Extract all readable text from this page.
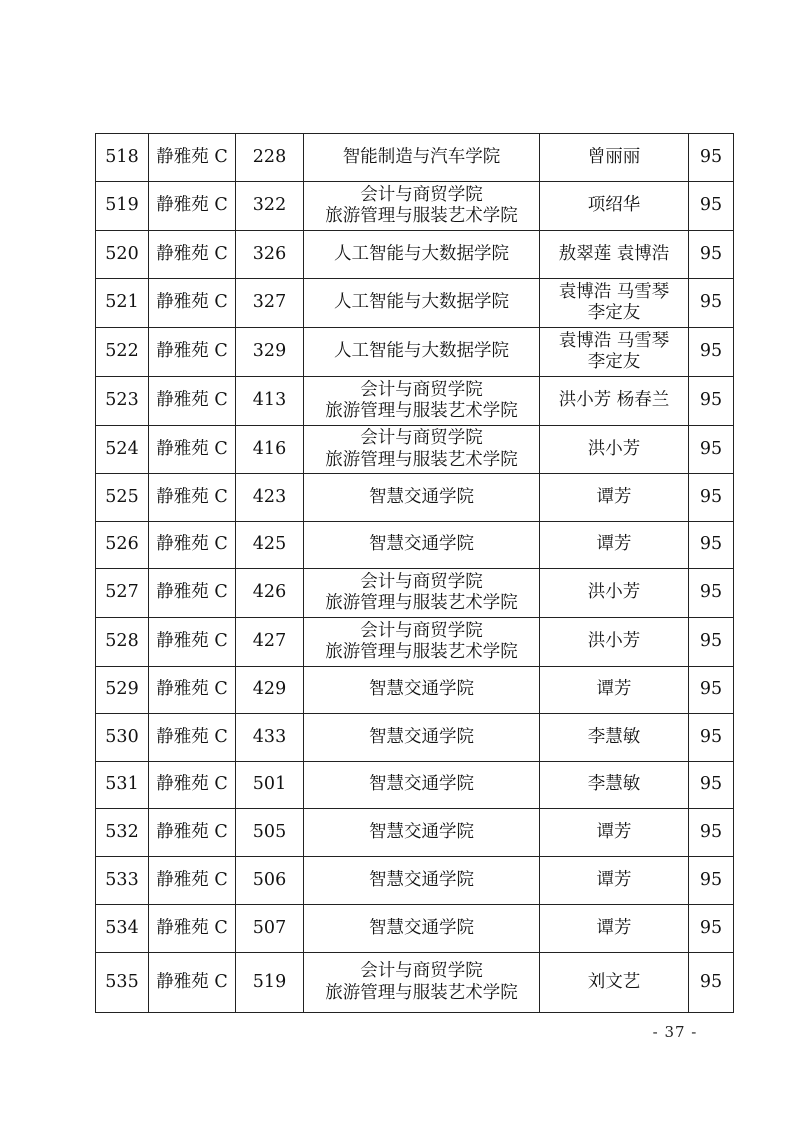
518	静雅苑 C	228	智能制造与汽车学院	曾丽丽	95
519	静雅苑 C	322	会计与商贸学院
旅游管理与服装艺术学院	项绍华	95
520	静雅苑 C	326	人工智能与大数据学院	敖翠莲 袁博浩	95
521	静雅苑 C	327	人工智能与大数据学院	袁博浩 马雪琴
李定友	95
522	静雅苑 C	329	人工智能与大数据学院	袁博浩 马雪琴
李定友	95
523	静雅苑 C	413	会计与商贸学院
旅游管理与服装艺术学院	洪小芳 杨春兰	95
524	静雅苑 C	416	会计与商贸学院
旅游管理与服装艺术学院	洪小芳	95
525	静雅苑 C	423	智慧交通学院	谭芳	95
526	静雅苑 C	425	智慧交通学院	谭芳	95
527	静雅苑 C	426	会计与商贸学院
旅游管理与服装艺术学院	洪小芳	95
528	静雅苑 C	427	会计与商贸学院
旅游管理与服装艺术学院	洪小芳	95
529	静雅苑 C	429	智慧交通学院	谭芳	95
530	静雅苑 C	433	智慧交通学院	李慧敏	95
531	静雅苑 C	501	智慧交通学院	李慧敏	95
532	静雅苑 C	505	智慧交通学院	谭芳	95
533	静雅苑 C	506	智慧交通学院	谭芳	95
534	静雅苑 C	507	智慧交通学院	谭芳	95
535	静雅苑 C	519	会计与商贸学院
旅游管理与服装艺术学院	刘文艺	95
- 37 -
